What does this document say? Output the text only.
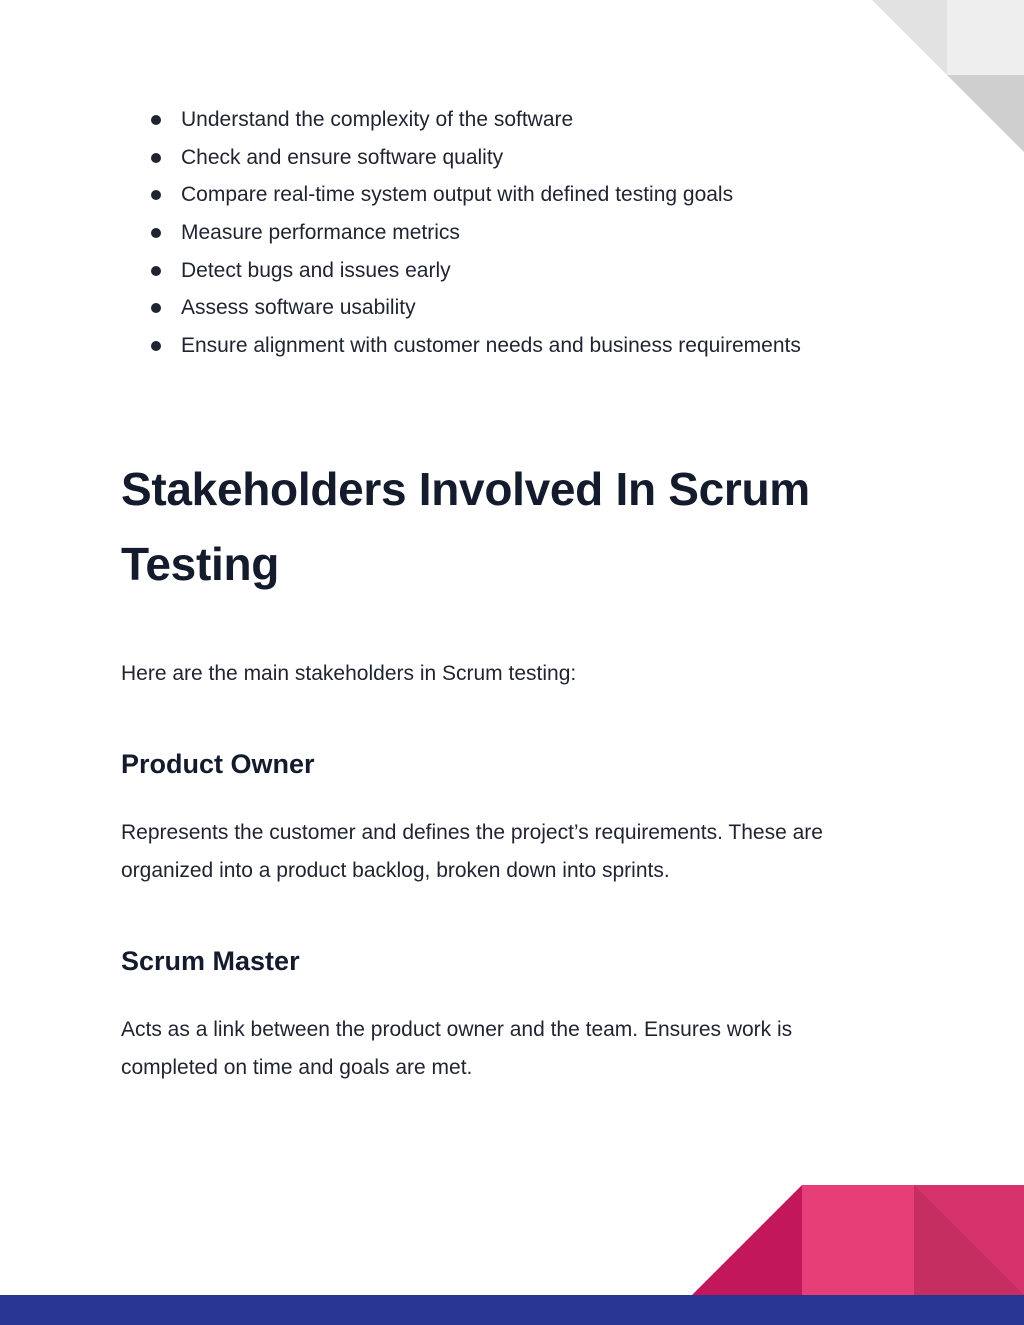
Understand the complexity of the software
Check and ensure software quality
Compare real-time system output with defined testing goals
Measure performance metrics
Detect bugs and issues early
Assess software usability
Ensure alignment with customer needs and business requirements
Stakeholders Involved In Scrum
Testing

Here are the main stakeholders in Scrum testing:

Product Owner

Represents the customer and defines the project’s requirements. These are
organized into a product backlog, broken down into sprints.

Scrum Master

Acts as a link between the product owner and the team. Ensures work is
completed on time and goals are met.
